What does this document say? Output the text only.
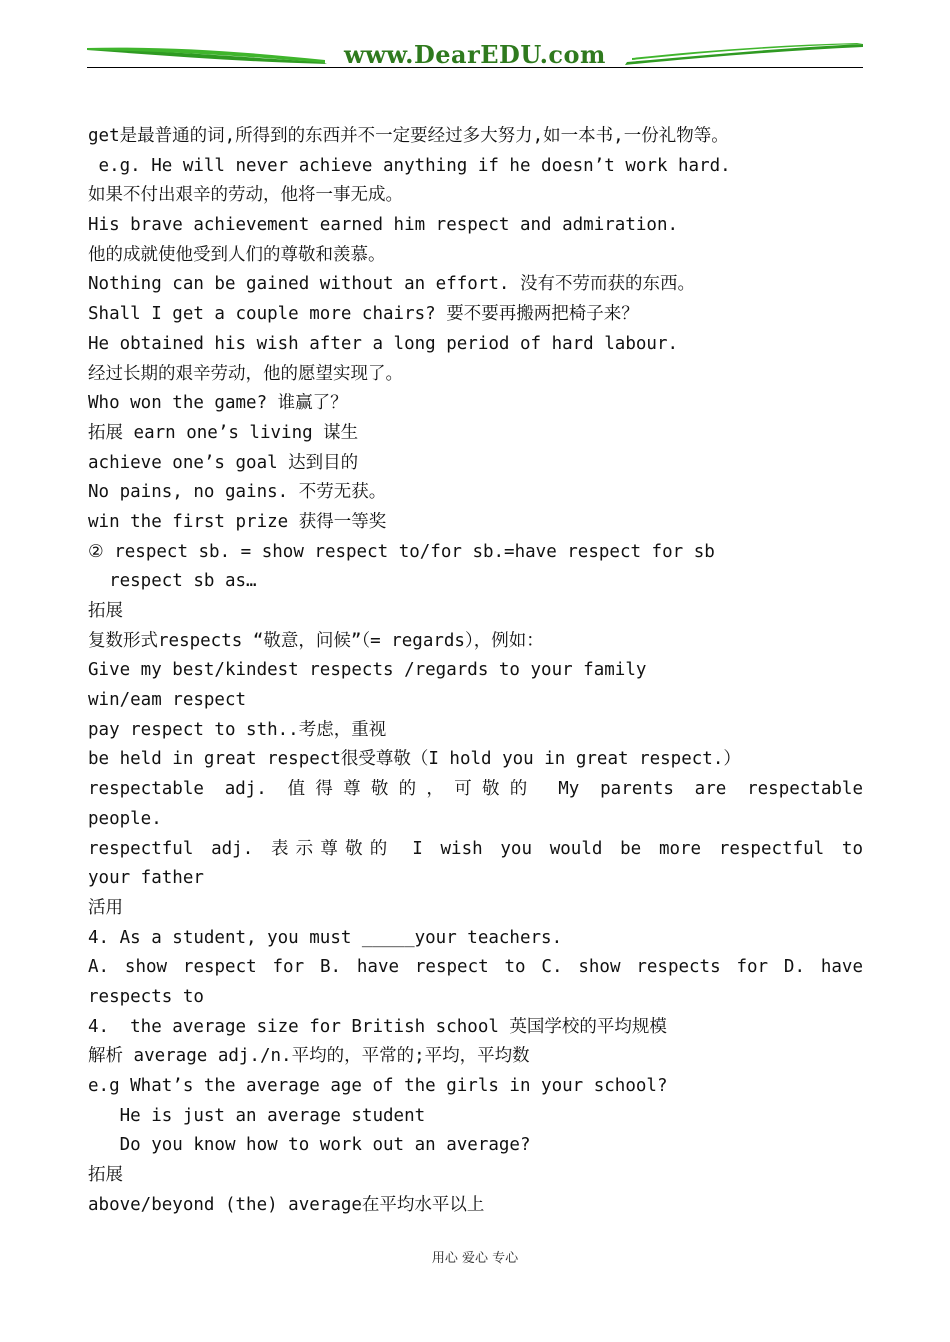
www.DearEDU.com
get是最普通的词,所得到的东西并不一定要经过多大努力,如一本书,一份礼物等。
e.g. He will never achieve anything if he doesn’t work hard.
如果不付出艰辛的劳动，他将一事无成。
His brave achievement earned him respect and admiration.
他的成就使他受到人们的尊敬和羡慕。
Nothing can be gained without an effort. 没有不劳而获的东西。
Shall I get a couple more chairs? 要不要再搬两把椅子来？
He obtained his wish after a long period of hard labour.
经过长期的艰辛劳动，他的愿望实现了。
Who won the game? 谁赢了？
拓展 earn one’s living 谋生
achieve one’s goal 达到目的
No pains, no gains. 不劳无获。
win the first prize 获得一等奖
② respect sb. = show respect to/for sb.=have respect for sb
respect sb as…
拓展
复数形式respects “敬意，问候”（= regards），例如：
Give my best/kindest respects /regards to your family
win/eam respect
pay respect to sth..考虑，重视
be held in great respect很受尊敬（I hold you in great respect.）
respectable adj. 值得尊敬的，可敬的 My parents are respectable
people.
respectful adj. 表示尊敬的 I wish you would be more respectful to
your father
活用
4. As a student, you must _____your teachers.
A. show respect for B. have respect to C. show respects for D. have
respects to
4.  the average size for British school 英国学校的平均规模
解析 average adj./n.平均的，平常的;平均，平均数
e.g What’s the average age of the girls in your school?
He is just an average student
Do you know how to work out an average?
拓展
above/beyond (the) average在平均水平以上
用心 爱心 专心
